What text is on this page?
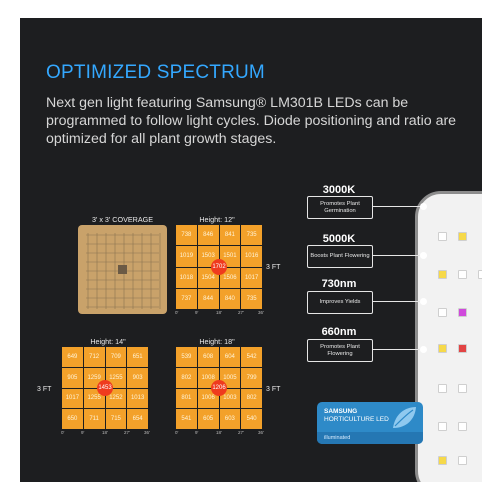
OPTIMIZED SPECTRUM
Next gen light featuring Samsung® LM301B LEDs can be programmed to follow light cycles. Diode positioning and ratio are optimized for all plant growth stages.
3' x 3' COVERAGE	Height: 12"
738	846	841	735
1019	1503	1501	1016
1018	1504	1506	1017
737	844	840	735
1702	3 FT
0'	9'	18'	27'	36'
Height: 14"
3 FT
649	712	709	651
905	1259	1255	903
1017	1255	1252	1013
650	711	715	654
1453
0'	9'	18'	27'	36'
Height: 18"
539	608	604	542
802	1008	1005	799
801	1006	1003	802
541	605	603	540
1206	3 FT
0'	9'	18'	27'	36'
3000K
Promotes Plant Germination
5000K
Boosts Plant Flowering
730nm
Improves Yields
660nm
Promotes Plant Flowering
SAMSUNG
HORTICULTURE LED
illuminated
